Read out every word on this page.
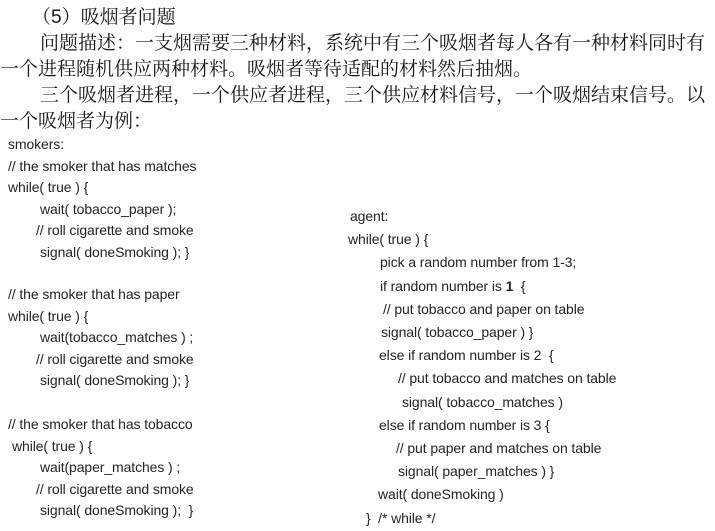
（5）吸烟者问题
问题描述：一支烟需要三种材料，系统中有三个吸烟者每人各有一种材料同时有
一个进程随机供应两种材料。吸烟者等待适配的材料然后抽烟。
三个吸烟者进程，一个供应者进程，三个供应材料信号，一个吸烟结束信号。以
一个吸烟者为例：
smokers:
// the smoker that has matches
while( true ) {
wait( tobacco_paper );
// roll cigarette and smoke
signal( doneSmoking ); }
// the smoker that has paper
while( true ) {
wait(tobacco_matches ) ;
// roll cigarette and smoke
signal( doneSmoking ); }
// the smoker that has tobacco
while( true ) {
wait(paper_matches ) ;
// roll cigarette and smoke
signal( doneSmoking );  }
agent:
while( true ) {
pick a random number from 1-3;
if random number is 1  {
// put tobacco and paper on table
signal( tobacco_paper ) }
else if random number is 2  {
// put tobacco and matches on table
signal( tobacco_matches )
else if random number is 3 {
// put paper and matches on table
signal( paper_matches ) }
wait( doneSmoking )
}  /* while */
